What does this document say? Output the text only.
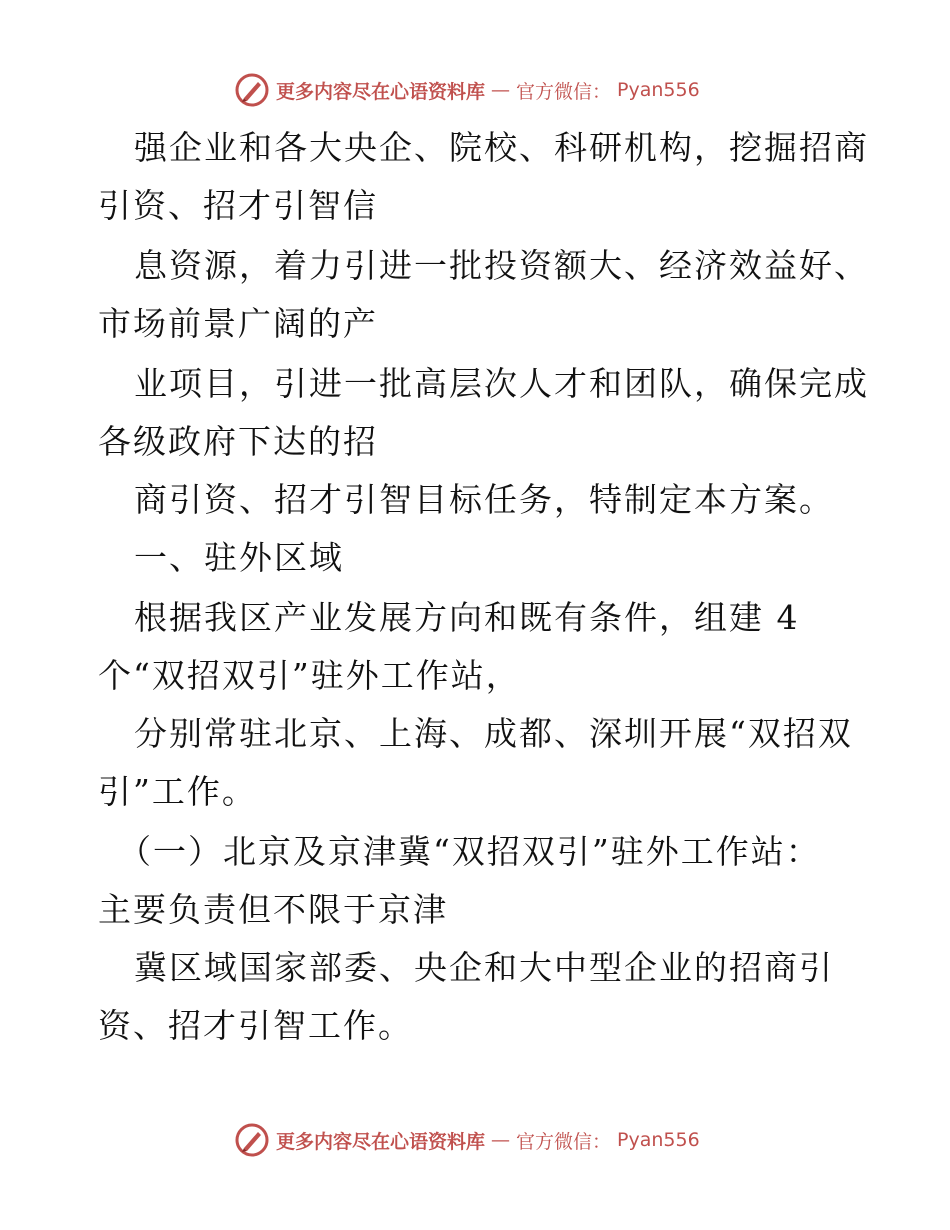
更多内容尽在心语资料库 — 官方微信： Pyan556
强企业和各大央企、院校、科研机构，挖掘招商
引资、招才引智信
息资源，着力引进一批投资额大、经济效益好、
市场前景广阔的产
业项目，引进一批高层次人才和团队，确保完成
各级政府下达的招
商引资、招才引智目标任务，特制定本方案。
一、驻外区域
根据我区产业发展方向和既有条件，组建 4
个“双招双引”驻外工作站，
分别常驻北京、上海、成都、深圳开展“双招双
引”工作。
（一）北京及京津冀“双招双引”驻外工作站：
主要负责但不限于京津
冀区域国家部委、央企和大中型企业的招商引
资、招才引智工作。
更多内容尽在心语资料库 — 官方微信： Pyan556
